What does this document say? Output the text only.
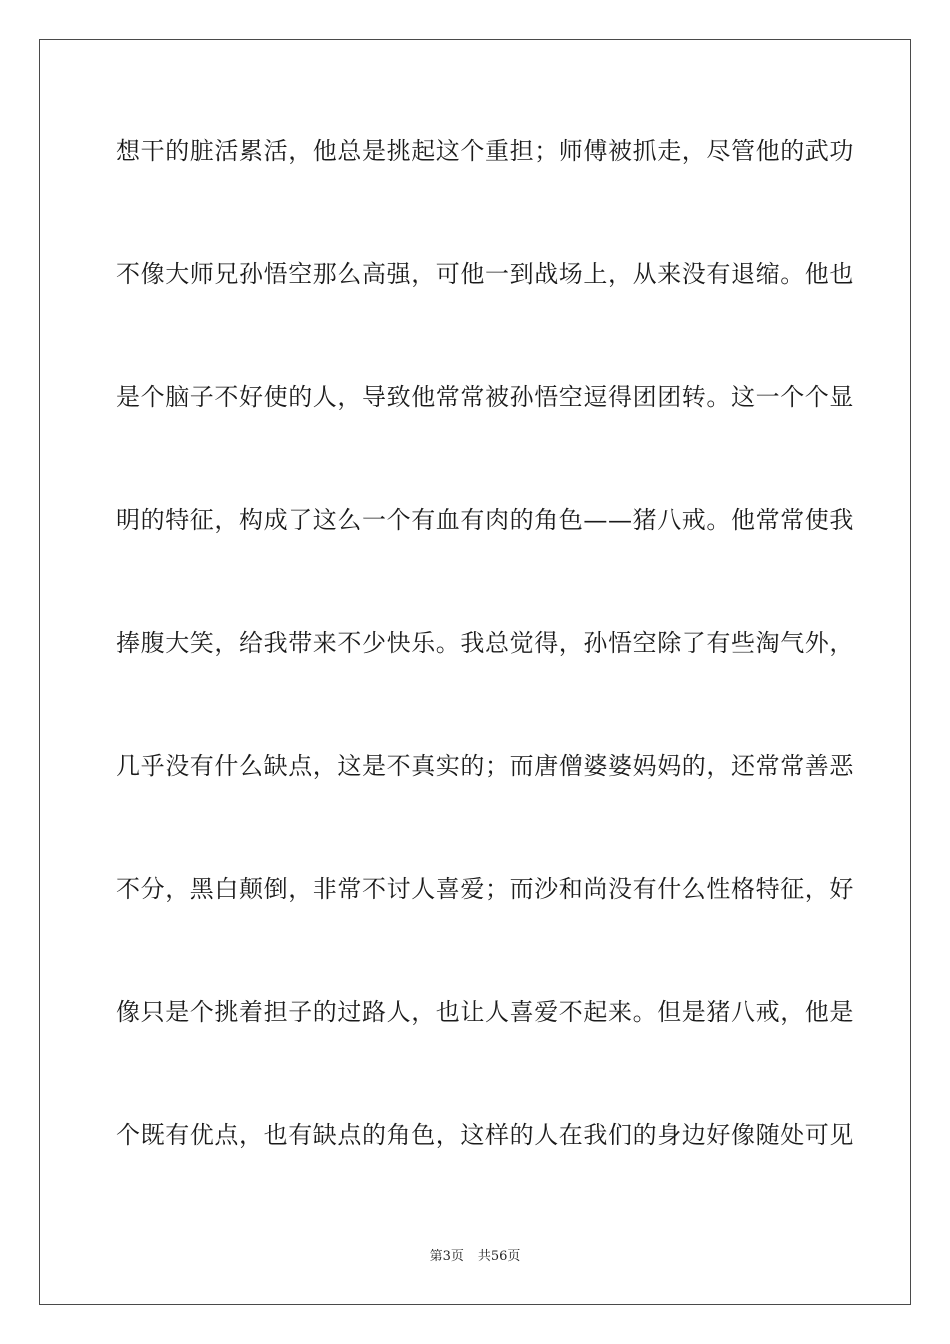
想干的脏活累活，他总是挑起这个重担；师傅被抓走，尽管他的武功
不像大师兄孙悟空那么高强，可他一到战场上，从来没有退缩。他也
是个脑子不好使的人，导致他常常被孙悟空逗得团团转。这一个个显
明的特征，构成了这么一个有血有肉的角色——猪八戒。他常常使我
捧腹大笑，给我带来不少快乐。我总觉得，孙悟空除了有些淘气外，
几乎没有什么缺点，这是不真实的；而唐僧婆婆妈妈的，还常常善恶
不分，黑白颠倒，非常不讨人喜爱；而沙和尚没有什么性格特征，好
像只是个挑着担子的过路人，也让人喜爱不起来。但是猪八戒，他是
个既有优点，也有缺点的角色，这样的人在我们的身边好像随处可见
第3页 共56页
